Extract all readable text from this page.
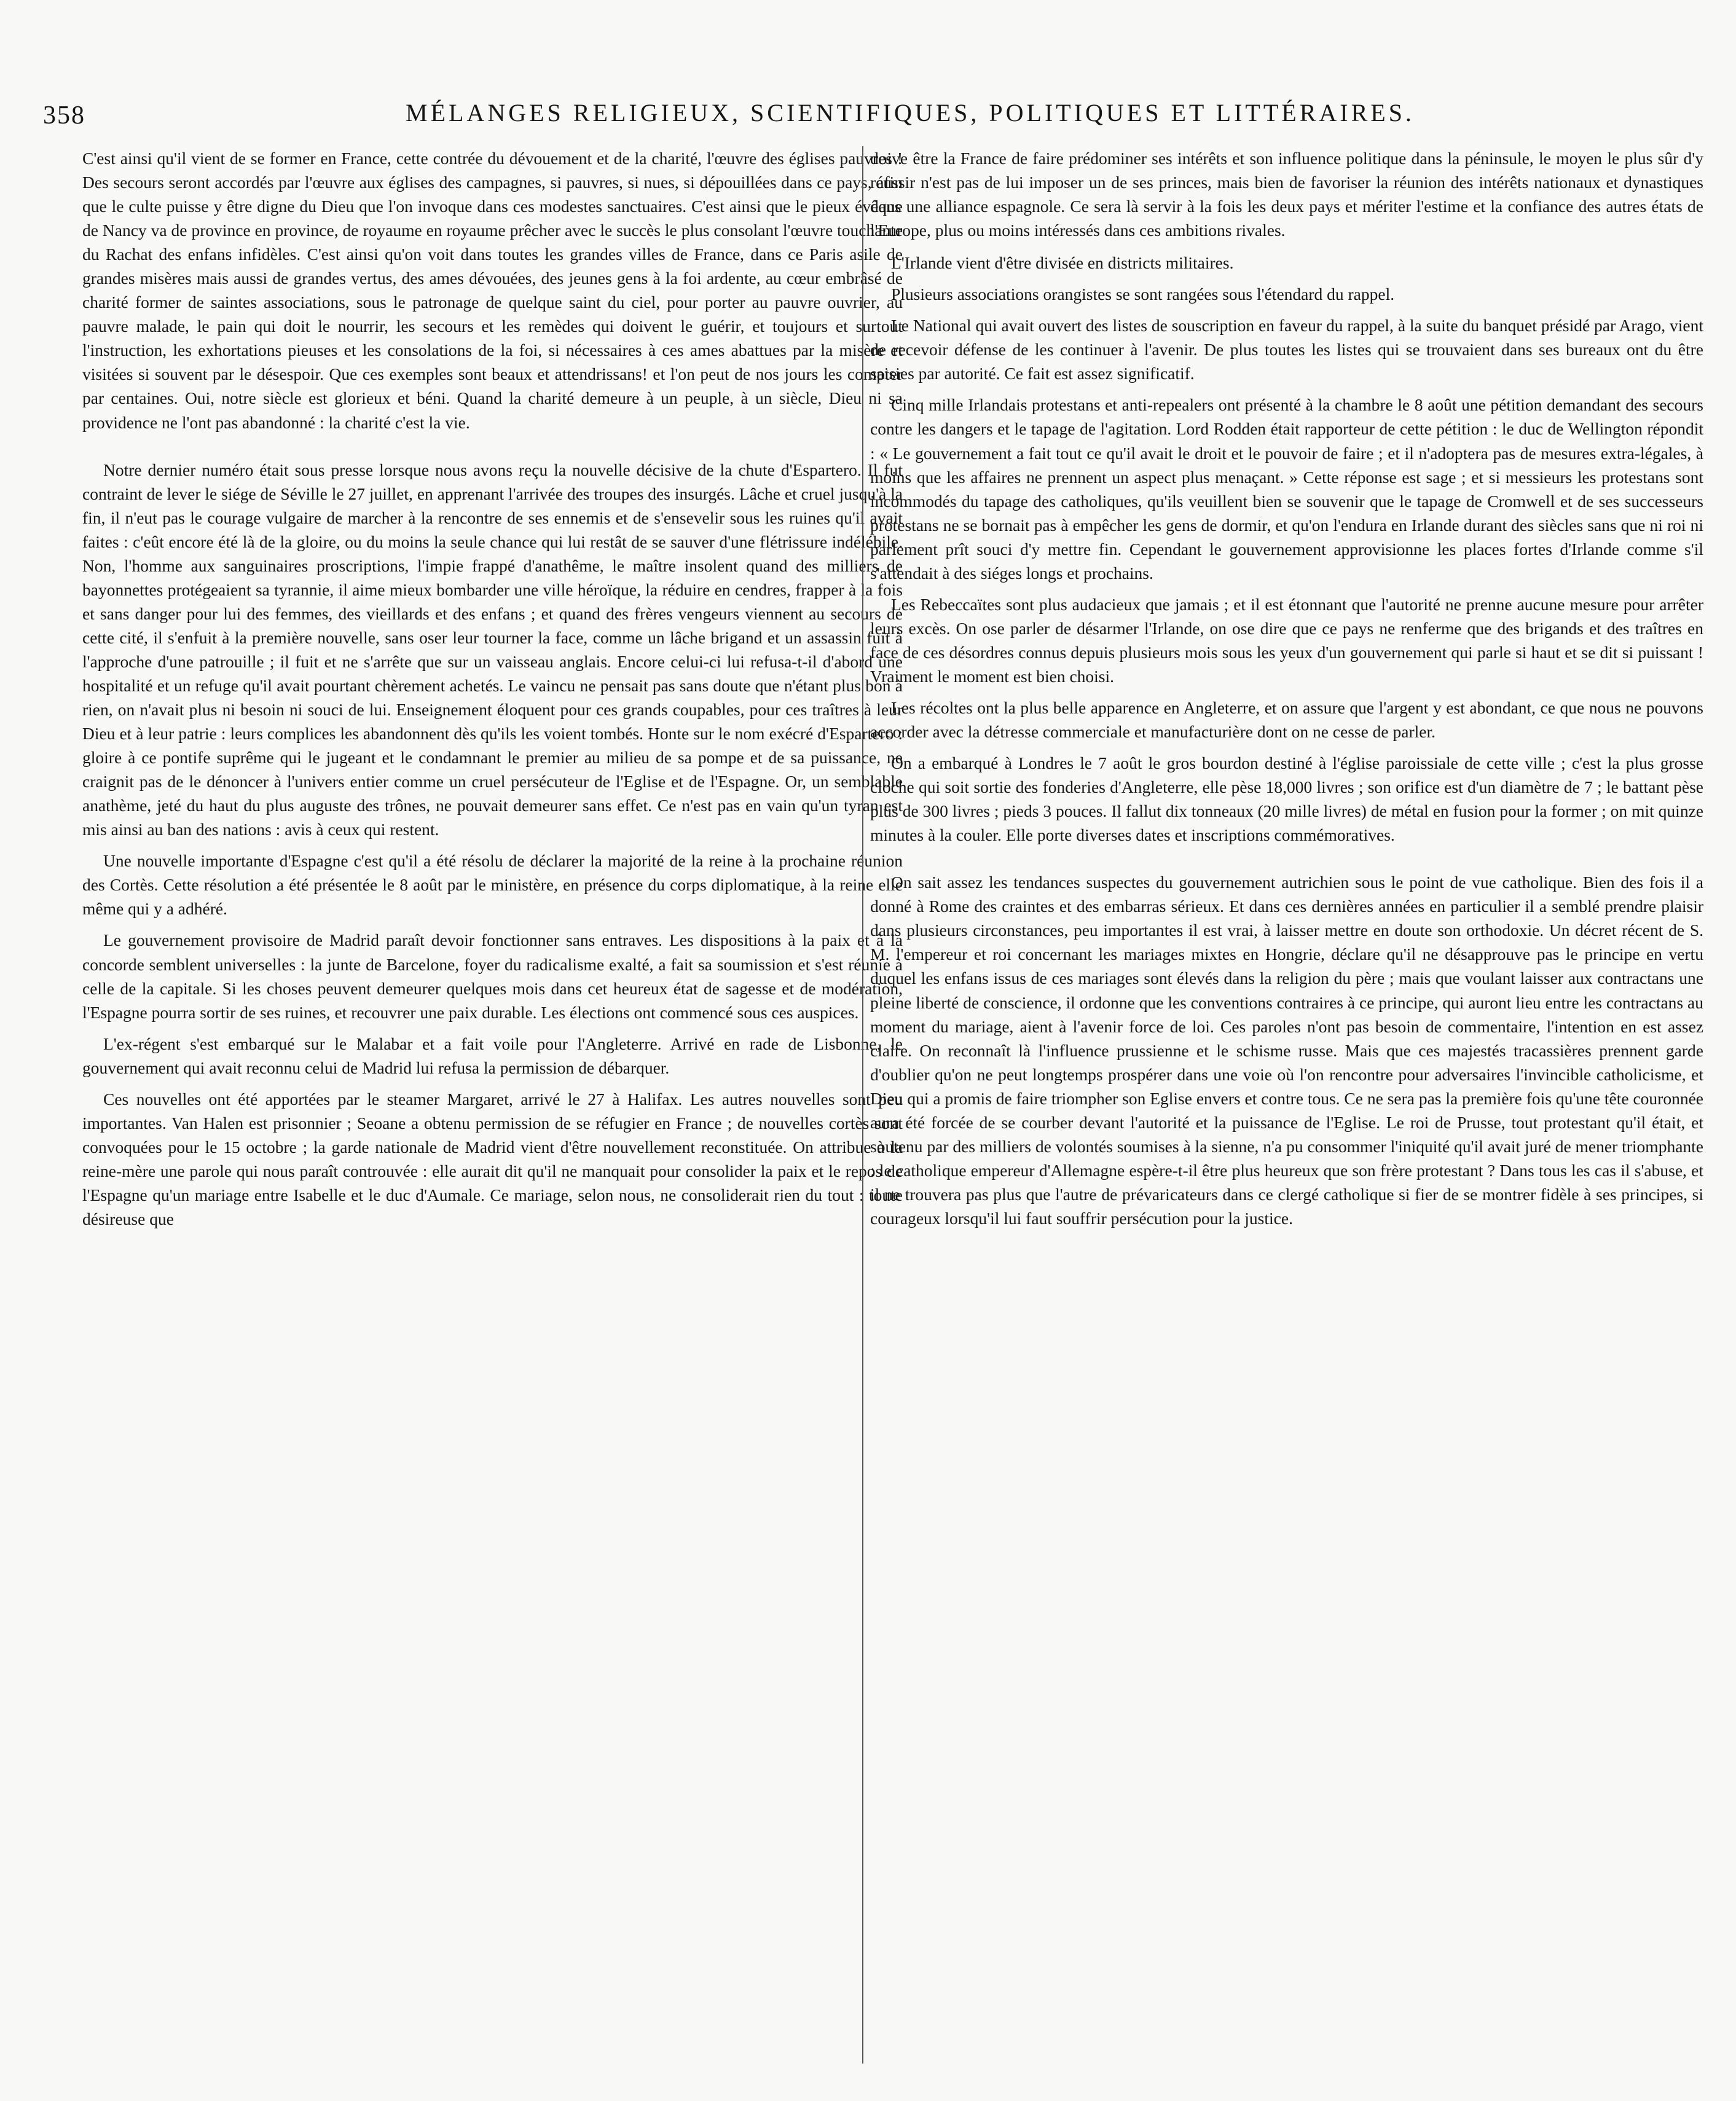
358	MÉLANGES RELIGIEUX, SCIENTIFIQUES, POLITIQUES ET LITTÉRAIRES.

C'est ainsi qu'il vient de se former en France, cette contrée du dévouement et de la charité, l'œuvre des églises pauvres ! Des secours seront accordés par l'œuvre aux églises des campagnes, si pauvres, si nues, si dépouillées dans ce pays, afin que le culte puisse y être digne du Dieu que l'on invoque dans ces modestes sanctuaires. C'est ainsi que le pieux évêque de Nancy va de province en province, de royaume en royaume prêcher avec le succès le plus consolant l'œuvre touchante du Rachat des enfans infidèles. C'est ainsi qu'on voit dans toutes les grandes villes de France, dans ce Paris asile de grandes misères mais aussi de grandes vertus, des ames dévouées, des jeunes gens à la foi ardente, au cœur embrâsé de charité former de saintes associations, sous le patronage de quelque saint du ciel, pour porter au pauvre ouvrier, au pauvre malade, le pain qui doit le nourrir, les secours et les remèdes qui doivent le guérir, et toujours et surtout l'instruction, les exhortations pieuses et les consolations de la foi, si nécessaires à ces ames abattues par la misère et visitées si souvent par le désespoir. Que ces exemples sont beaux et attendrissans! et l'on peut de nos jours les compter par centaines. Oui, notre siècle est glorieux et béni. Quand la charité demeure à un peuple, à un siècle, Dieu ni sa providence ne l'ont pas abandonné : la charité c'est la vie.

Notre dernier numéro était sous presse lorsque nous avons reçu la nouvelle décisive de la chute d'Espartero. Il fut contraint de lever le siége de Séville le 27 juillet, en apprenant l'arrivée des troupes des insurgés. Lâche et cruel jusqu'à la fin, il n'eut pas le courage vulgaire de marcher à la rencontre de ses ennemis et de s'ensevelir sous les ruines qu'il avait faites : c'eût encore été là de la gloire, ou du moins la seule chance qui lui restât de se sauver d'une flétrissure indélébile. Non, l'homme aux sanguinaires proscriptions, l'impie frappé d'anathême, le maître insolent quand des milliers de bayonnettes protégeaient sa tyrannie, il aime mieux bombarder une ville héroïque, la réduire en cendres, frapper à la fois et sans danger pour lui des femmes, des vieillards et des enfans ; et quand des frères vengeurs viennent au secours de cette cité, il s'enfuit à la première nouvelle, sans oser leur tourner la face, comme un lâche brigand et un assassin fuit à l'approche d'une patrouille ; il fuit et ne s'arrête que sur un vaisseau anglais. Encore celui-ci lui refusa-t-il d'abord une hospitalité et un refuge qu'il avait pourtant chèrement achetés. Le vaincu ne pensait pas sans doute que n'étant plus bon à rien, on n'avait plus ni besoin ni souci de lui. Enseignement éloquent pour ces grands coupables, pour ces traîtres à leur Dieu et à leur patrie : leurs complices les abandonnent dès qu'ils les voient tombés. Honte sur le nom exécré d'Espartero : gloire à ce pontife suprême qui le jugeant et le condamnant le premier au milieu de sa pompe et de sa puissance, ne craignit pas de le dénoncer à l'univers entier comme un cruel persécuteur de l'Eglise et de l'Espagne. Or, un semblable anathème, jeté du haut du plus auguste des trônes, ne pouvait demeurer sans effet. Ce n'est pas en vain qu'un tyran est mis ainsi au ban des nations : avis à ceux qui restent.

Une nouvelle importante d'Espagne c'est qu'il a été résolu de déclarer la majorité de la reine à la prochaine réunion des Cortès. Cette résolution a été présentée le 8 août par le ministère, en présence du corps diplomatique, à la reine elle même qui y a adhéré.

Le gouvernement provisoire de Madrid paraît devoir fonctionner sans entraves. Les dispositions à la paix et à la concorde semblent universelles : la junte de Barcelone, foyer du radicalisme exalté, a fait sa soumission et s'est réunie à celle de la capitale. Si les choses peuvent demeurer quelques mois dans cet heureux état de sagesse et de modération, l'Espagne pourra sortir de ses ruines, et recouvrer une paix durable. Les élections ont commencé sous ces auspices.

L'ex-régent s'est embarqué sur le Malabar et a fait voile pour l'Angleterre. Arrivé en rade de Lisbonne, le gouvernement qui avait reconnu celui de Madrid lui refusa la permission de débarquer.

Ces nouvelles ont été apportées par le steamer Margaret, arrivé le 27 à Halifax. Les autres nouvelles sont peu importantes. Van Halen est prisonnier ; Seoane a obtenu permission de se réfugier en France ; de nouvelles cortès sont convoquées pour le 15 octobre ; la garde nationale de Madrid vient d'être nouvellement reconstituée. On attribue à la reine-mère une parole qui nous paraît controuvée : elle aurait dit qu'il ne manquait pour consolider la paix et le repos de l'Espagne qu'un mariage entre Isabelle et le duc d'Aumale. Ce mariage, selon nous, ne consoliderait rien du tout : toute désireuse que

doive être la France de faire prédominer ses intérêts et son influence politique dans la péninsule, le moyen le plus sûr d'y réussir n'est pas de lui imposer un de ses princes, mais bien de favoriser la réunion des intérêts nationaux et dynastiques dans une alliance espagnole. Ce sera là servir à la fois les deux pays et mériter l'estime et la confiance des autres états de l'Europe, plus ou moins intéressés dans ces ambitions rivales.

L'Irlande vient d'être divisée en districts militaires.

Plusieurs associations orangistes se sont rangées sous l'étendard du rappel.

Le National qui avait ouvert des listes de souscription en faveur du rappel, à la suite du banquet présidé par Arago, vient de recevoir défense de les continuer à l'avenir. De plus toutes les listes qui se trouvaient dans ses bureaux ont du être saisies par autorité. Ce fait est assez significatif.

Cinq mille Irlandais protestans et anti-repealers ont présenté à la chambre le 8 août une pétition demandant des secours contre les dangers et le tapage de l'agitation. Lord Rodden était rapporteur de cette pétition : le duc de Wellington répondit : « Le gouvernement a fait tout ce qu'il avait le droit et le pouvoir de faire ; et il n'adoptera pas de mesures extra-légales, à moins que les affaires ne prennent un aspect plus menaçant. » Cette réponse est sage ; et si messieurs les protestans sont incommodés du tapage des catholiques, qu'ils veuillent bien se souvenir que le tapage de Cromwell et de ses successeurs protestans ne se bornait pas à empêcher les gens de dormir, et qu'on l'endura en Irlande durant des siècles sans que ni roi ni parlement prît souci d'y mettre fin. Cependant le gouvernement approvisionne les places fortes d'Irlande comme s'il s'attendait à des siéges longs et prochains.

Les Rebeccaïtes sont plus audacieux que jamais ; et il est étonnant que l'autorité ne prenne aucune mesure pour arrêter leurs excès. On ose parler de désarmer l'Irlande, on ose dire que ce pays ne renferme que des brigands et des traîtres en face de ces désordres connus depuis plusieurs mois sous les yeux d'un gouvernement qui parle si haut et se dit si puissant ! Vraiment le moment est bien choisi.

Les récoltes ont la plus belle apparence en Angleterre, et on assure que l'argent y est abondant, ce que nous ne pouvons accorder avec la détresse commerciale et manufacturière dont on ne cesse de parler.

On a embarqué à Londres le 7 août le gros bourdon destiné à l'église paroissiale de cette ville ; c'est la plus grosse cloche qui soit sortie des fonderies d'Angleterre, elle pèse 18,000 livres ; son orifice est d'un diamètre de 7 ; le battant pèse plus de 300 livres ; pieds 3 pouces. Il fallut dix tonneaux (20 mille livres) de métal en fusion pour la former ; on mit quinze minutes à la couler. Elle porte diverses dates et inscriptions commémoratives.

On sait assez les tendances suspectes du gouvernement autrichien sous le point de vue catholique. Bien des fois il a donné à Rome des craintes et des embarras sérieux. Et dans ces dernières années en particulier il a semblé prendre plaisir dans plusieurs circonstances, peu importantes il est vrai, à laisser mettre en doute son orthodoxie. Un décret récent de S. M. l'empereur et roi concernant les mariages mixtes en Hongrie, déclare qu'il ne désapprouve pas le principe en vertu duquel les enfans issus de ces mariages sont élevés dans la religion du père ; mais que voulant laisser aux contractans une pleine liberté de conscience, il ordonne que les conventions contraires à ce principe, qui auront lieu entre les contractans au moment du mariage, aient à l'avenir force de loi. Ces paroles n'ont pas besoin de commentaire, l'intention en est assez claire. On reconnaît là l'influence prussienne et le schisme russe. Mais que ces majestés tracassières prennent garde d'oublier qu'on ne peut longtemps prospérer dans une voie où l'on rencontre pour adversaires l'invincible catholicisme, et Dieu qui a promis de faire triompher son Eglise envers et contre tous. Ce ne sera pas la première fois qu'une tête couronnée aura été forcée de se courber devant l'autorité et la puissance de l'Eglise. Le roi de Prusse, tout protestant qu'il était, et soutenu par des milliers de volontés soumises à la sienne, n'a pu consommer l'iniquité qu'il avait juré de mener triomphante : le catholique empereur d'Allemagne espère-t-il être plus heureux que son frère protestant ? Dans tous les cas il s'abuse, et il ne trouvera pas plus que l'autre de prévaricateurs dans ce clergé catholique si fier de se montrer fidèle à ses principes, si courageux lorsqu'il lui faut souffrir persécution pour la justice.
